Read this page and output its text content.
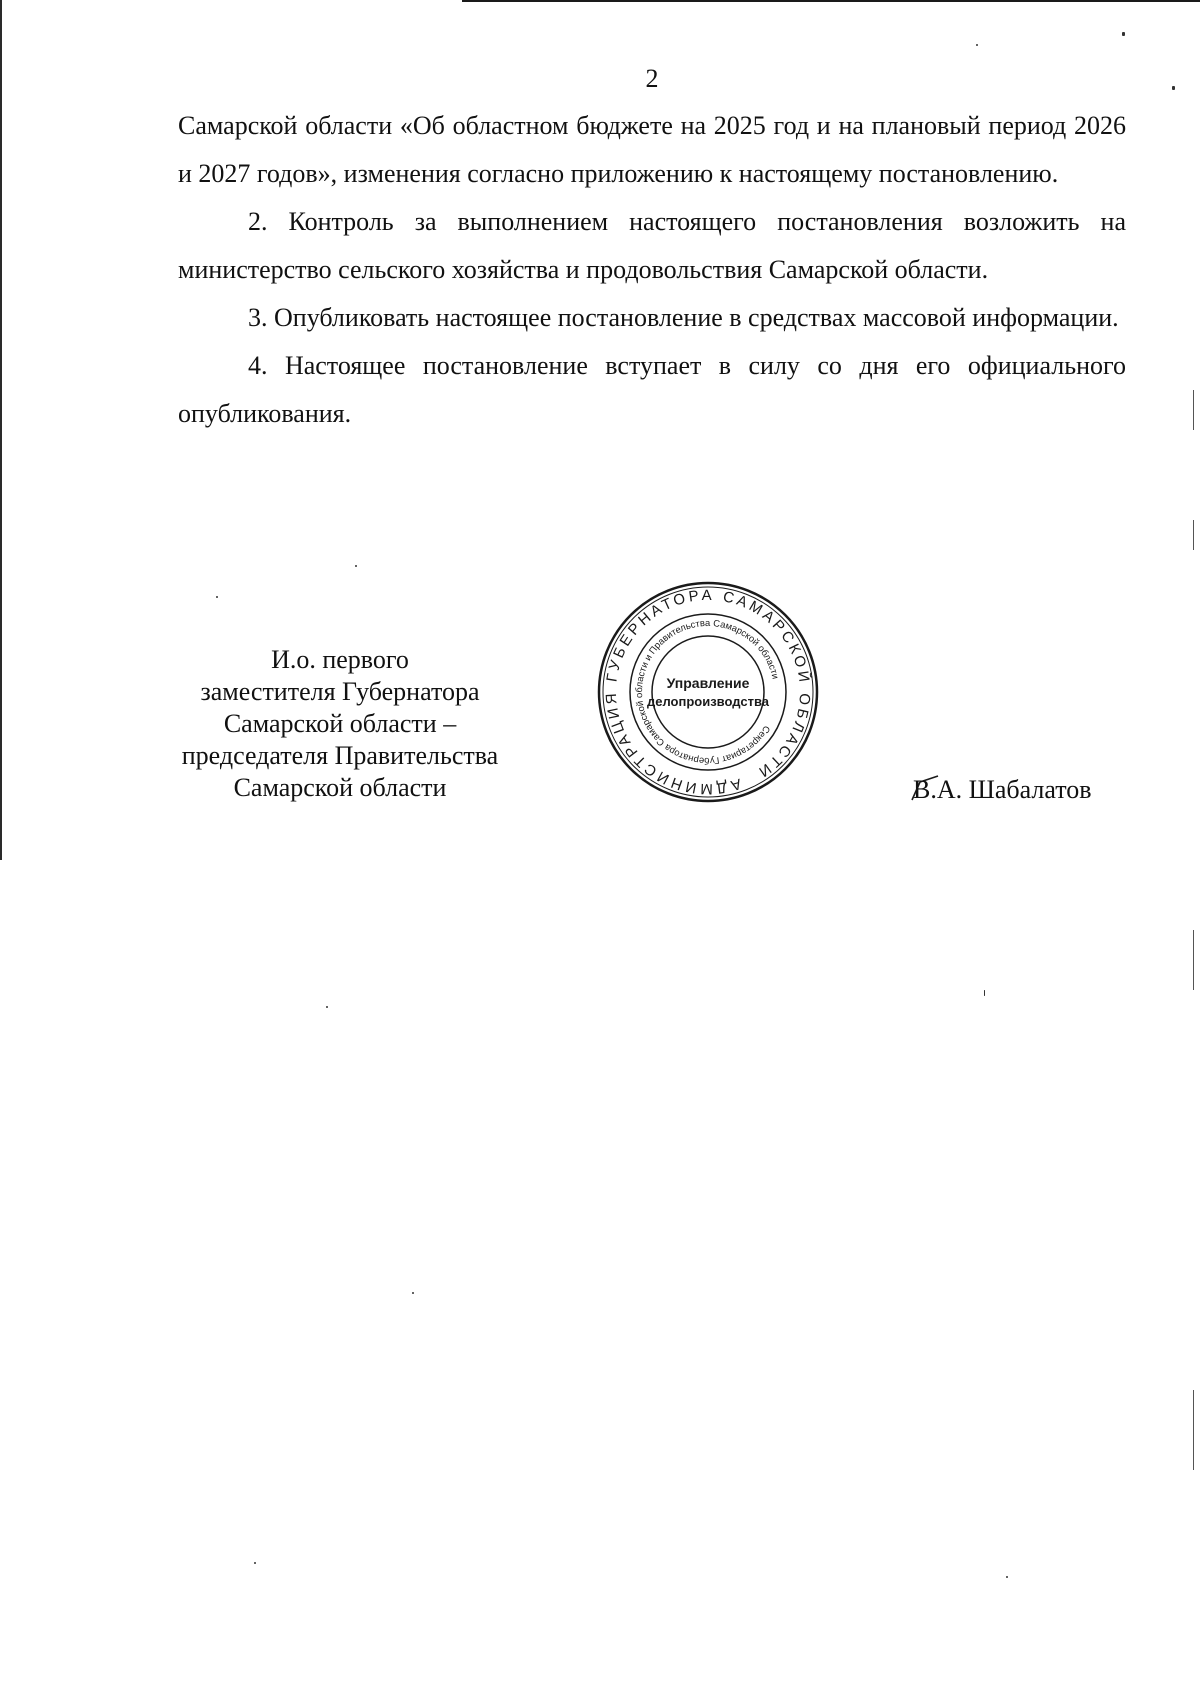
2

Самарской области «Об областном бюджете на 2025 год и на плановый период 2026 и 2027 годов», изменения согласно приложению к настоящему постановлению.

2. Контроль за выполнением настоящего постановления возложить на министерство сельского хозяйства и продовольствия Самарской области.

3. Опубликовать настоящее постановление в средствах массовой информации.

4. Настоящее постановление вступает в силу со дня его официального опубликования.

И.о. первого
заместителя Губернатора
Самарской области –
председателя Правительства
Самарской области	АДМИНИСТРАЦИЯ ГУБЕРНАТОРА САМАРСКОЙ ОБЛАСТИ
Секретариат Губернатора Самарской области и Правительства Самарской области
Управление
делопроизводства
В.А. Шабалатов
